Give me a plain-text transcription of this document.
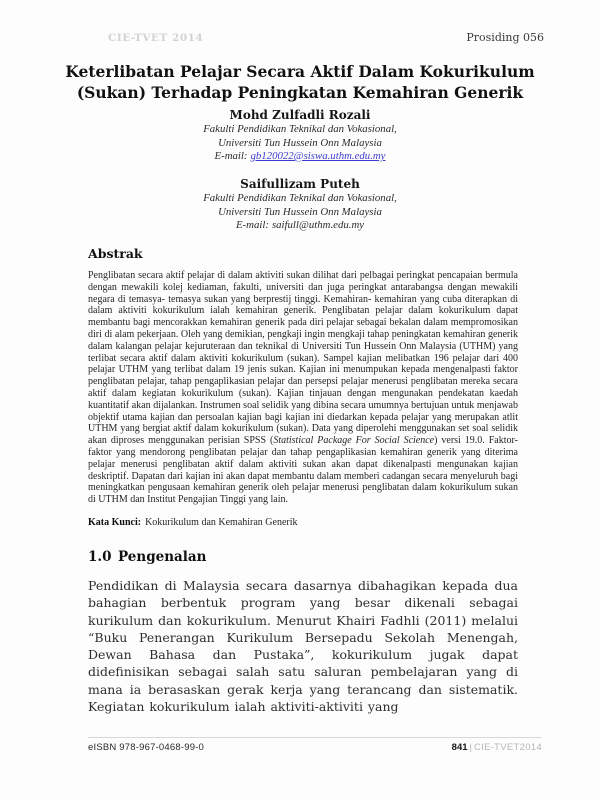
CIE-TVET 2014	Prosiding 056
Keterlibatan Pelajar Secara Aktif Dalam Kokurikulum
(Sukan) Terhadap Peningkatan Kemahiran Generik
Mohd Zulfadli Rozali
Fakulti Pendidikan Teknikal dan Vokasional,
Universiti Tun Hussein Onn Malaysia
E-mail: gb120022@siswa.uthm.edu.my
Saifullizam Puteh
Fakulti Pendidikan Teknikal dan Vokasional,
Universiti Tun Hussein Onn Malaysia
E-mail: saifull@uthm.edu.my
Abstrak

Penglibatan secara aktif pelajar di dalam aktiviti sukan dilihat dari pelbagai peringkat pencapaian bermula dengan mewakili kolej kediaman, fakulti, universiti dan juga peringkat antarabangsa dengan mewakili negara di temasya- temasya sukan yang berprestij tinggi. Kemahiran- kemahiran yang cuba diterapkan di dalam aktiviti kokurikulum ialah kemahiran generik. Penglibatan pelajar dalam kokurikulum dapat membantu bagi mencorakkan kemahiran generik pada diri pelajar sebagai bekalan dalam mempromosikan diri di alam pekerjaan. Oleh yang demikian, pengkaji ingin mengkaji tahap peningkatan kemahiran generik dalam kalangan pelajar kejuruteraan dan teknikal di Universiti Tun Hussein Onn Malaysia (UTHM) yang terlibat secara aktif dalam aktiviti kokurikulum (sukan). Sampel kajian melibatkan 196 pelajar dari 400 pelajar UTHM yang terlibat dalam 19 jenis sukan. Kajian ini menumpukan kepada mengenalpasti faktor penglibatan pelajar, tahap pengaplikasian pelajar dan persepsi pelajar menerusi penglibatan mereka secara aktif dalam kegiatan kokurikulum (sukan). Kajian tinjauan dengan mengunakan pendekatan kaedah kuantitatif akan dijalankan. Instrumen soal selidik yang dibina secara umumnya bertujuan untuk menjawab objektif utama kajian dan persoalan kajian bagi kajian ini diedarkan kepada pelajar yang merupakan atlit UTHM yang bergiat aktif dalam kokurikulum (sukan). Data yang diperolehi menggunakan set soal selidik akan diproses menggunakan perisian SPSS (Statistical Package For Social Science) versi 19.0. Faktor-faktor yang mendorong penglibatan pelajar dan tahap pengaplikasian kemahiran generik yang diterima pelajar menerusi penglibatan aktif dalam aktiviti sukan akan dapat dikenalpasti mengunakan kajian deskriptif. Dapatan dari kajian ini akan dapat membantu dalam memberi cadangan secara menyeluruh bagi meningkatkan pengusaan kemahiran generik oleh pelajar menerusi penglibatan dalam kokurikulum sukan di UTHM dan Institut Pengajian Tinggi yang lain.

Kata Kunci: Kokurikulum dan Kemahiran Generik
1.0 Pengenalan

Pendidikan di Malaysia secara dasarnya dibahagikan kepada dua bahagian berbentuk program yang besar dikenali sebagai kurikulum dan kokurikulum. Menurut Khairi Fadhli (2011) melalui “Buku Penerangan Kurikulum Bersepadu Sekolah Menengah, Dewan Bahasa dan Pustaka”, kokurikulum jugak dapat didefinisikan sebagai salah satu saluran pembelajaran yang di mana ia berasaskan gerak kerja yang terancang dan sistematik. Kegiatan kokurikulum ialah aktiviti-aktiviti yang

eISBN 978-967-0468-99-0	841 | CIE-TVET2014
